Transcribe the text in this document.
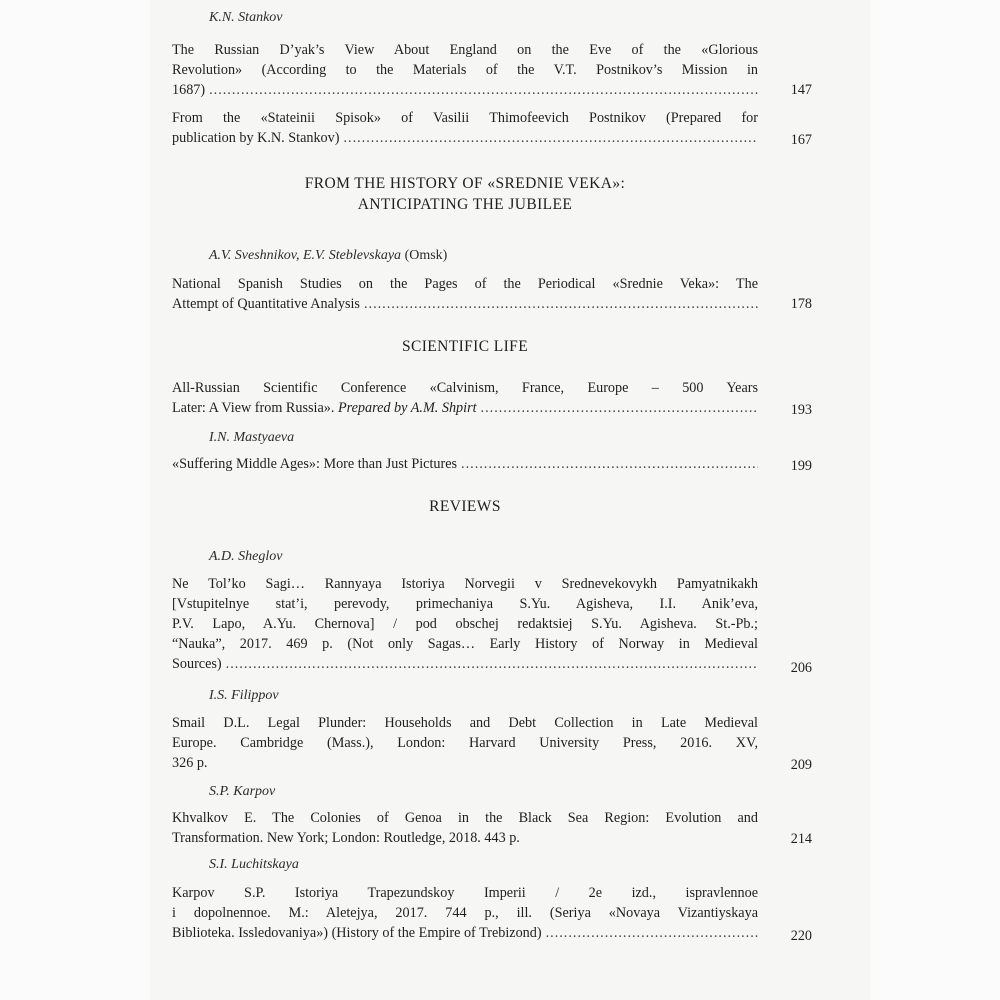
K.N. Stankov
The Russian D’yak’s View About England on the Eve of the «Glorious
Revolution» (According to the Materials of the V.T. Postnikov’s Mission in
1687) .....	147
From the «Stateinii Spisok» of Vasilii Thimofeevich Postnikov (Prepared for
publication by K.N. Stankov) .....	167
FROM THE HISTORY OF «SREDNIE VEKA»:
ANTICIPATING THE JUBILEE
A.V. Sveshnikov, E.V. Steblevskaya (Omsk)
National Spanish Studies on the Pages of the Periodical «Srednie Veka»: The
Attempt of Quantitative Analysis .....	178
SCIENTIFIC LIFE
All-Russian Scientific Conference «Calvinism, France, Europe – 500 Years
Later: A View from Russia». Prepared by A.M. Shpirt .....	193
I.N. Mastyaeva
«Suffering Middle Ages»: More than Just Pictures .....	199
REVIEWS
A.D. Sheglov
Ne Tol’ko Sagi… Rannyaya Istoriya Norvegii v Srednevekovykh Pamyatnikakh
[Vstupitelnye stat’i, perevody, primechaniya S.Yu. Agisheva, I.I. Anik’eva,
P.V. Lapo, A.Yu. Chernova] / pod obschej redaktsiej S.Yu. Agisheva. St.-Pb.;
“Nauka”, 2017. 469 p. (Not only Sagas… Early History of Norway in Medieval
Sources) .....	206
I.S. Filippov
Smail D.L. Legal Plunder: Households and Debt Collection in Late Medieval
Europe. Cambridge (Mass.), London: Harvard University Press, 2016. XV,
326 p.	209
S.P. Karpov
Khvalkov E. The Colonies of Genoa in the Black Sea Region: Evolution and
Transformation. New York; London: Routledge, 2018. 443 p.	214
S.I. Luchitskaya
Karpov S.P. Istoriya Trapezundskoy Imperii / 2e izd., ispravlennoe
i dopolnennoe. M.: Aletejya, 2017. 744 p., ill. (Seriya «Novaya Vizantiyskaya
Biblioteka. Issledovaniya») (History of the Empire of Trebizond) .....	220
